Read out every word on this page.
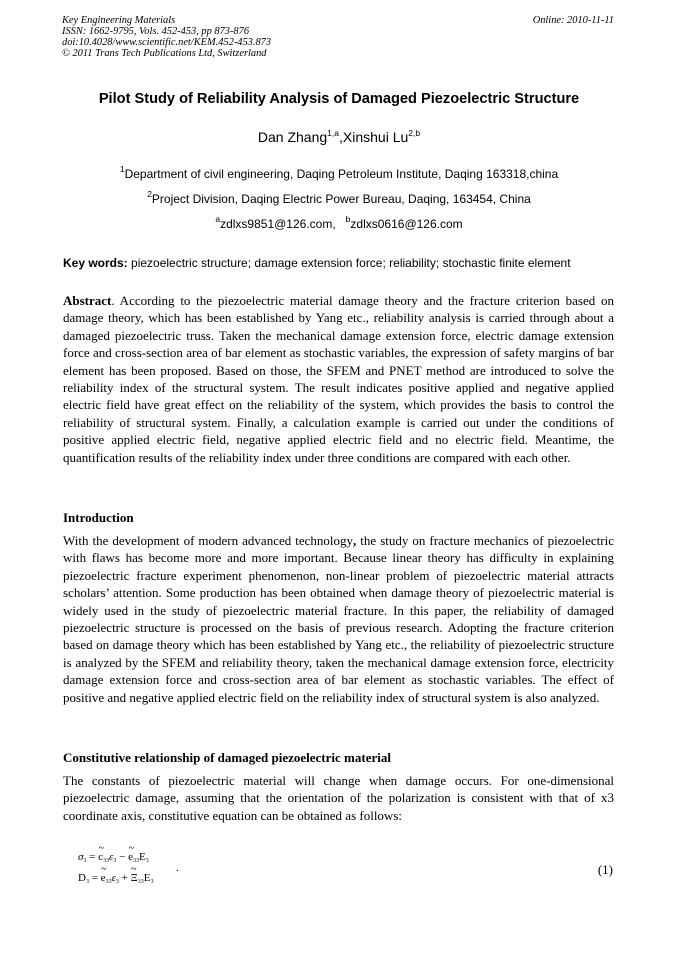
Key Engineering Materials
ISSN: 1662-9795, Vols. 452-453, pp 873-876
doi:10.4028/www.scientific.net/KEM.452-453.873
© 2011 Trans Tech Publications Ltd, Switzerland
Online: 2010-11-11
Pilot Study of Reliability Analysis of Damaged Piezoelectric Structure
Dan Zhang$^{1,a}$,Xinshui Lu$^{2,b}$
$^1$Department of civil engineering, Daqing Petroleum Institute, Daqing 163318,china
$^2$Project Division, Daqing Electric Power Bureau, Daqing, 163454, China
$^a$zdlxs9851@126.com, $^b$zdlxs0616@126.com
Key words: piezoelectric structure; damage extension force; reliability; stochastic finite element

Abstract. According to the piezoelectric material damage theory and the fracture criterion based on damage theory, which has been established by Yang etc., reliability analysis is carried through about a damaged piezoelectric truss. Taken the mechanical damage extension force, electric damage extension force and cross-section area of bar element as stochastic variables, the expression of safety margins of bar element has been proposed. Based on those, the SFEM and PNET method are introduced to solve the reliability index of the structural system. The result indicates positive applied and negative applied electric field have great effect on the reliability of the system, which provides the basis to control the reliability of structural system. Finally, a calculation example is carried out under the conditions of positive applied electric field, negative applied electric field and no electric field. Meantime, the quantification results of the reliability index under three conditions are compared with each other.

Introduction

With the development of modern advanced technology, the study on fracture mechanics of piezoelectric with flaws has become more and more important. Because linear theory has difficulty in explaining piezoelectric fracture experiment phenomenon, non-linear problem of piezoelectric material attracts scholars’ attention. Some production has been obtained when damage theory of piezoelectric material is widely used in the study of piezoelectric material fracture. In this paper, the reliability of damaged piezoelectric structure is processed on the basis of previous research. Adopting the fracture criterion based on damage theory which has been established by Yang etc., the reliability of piezoelectric structure is analyzed by the SFEM and reliability theory, taken the mechanical damage extension force, electricity damage extension force and cross-section area of bar element as stochastic variables. The effect of positive and negative applied electric field on the reliability index of structural system is also analyzed.

Constitutive relationship of damaged piezoelectric material

The constants of piezoelectric material will change when damage occurs. For one-dimensional piezoelectric damage, assuming that the orientation of the polarization is consistent with that of x3 coordinate axis, constitutive equation can be obtained as follows:

$\sigma_3$ = ~ $c_{33}\varepsilon_3$ − ~ $e_{33}E_3$
$D_3$ = ~ $e_{33}\varepsilon_3$ + ~ $\Xi_{33}E_3$
.	(1)
